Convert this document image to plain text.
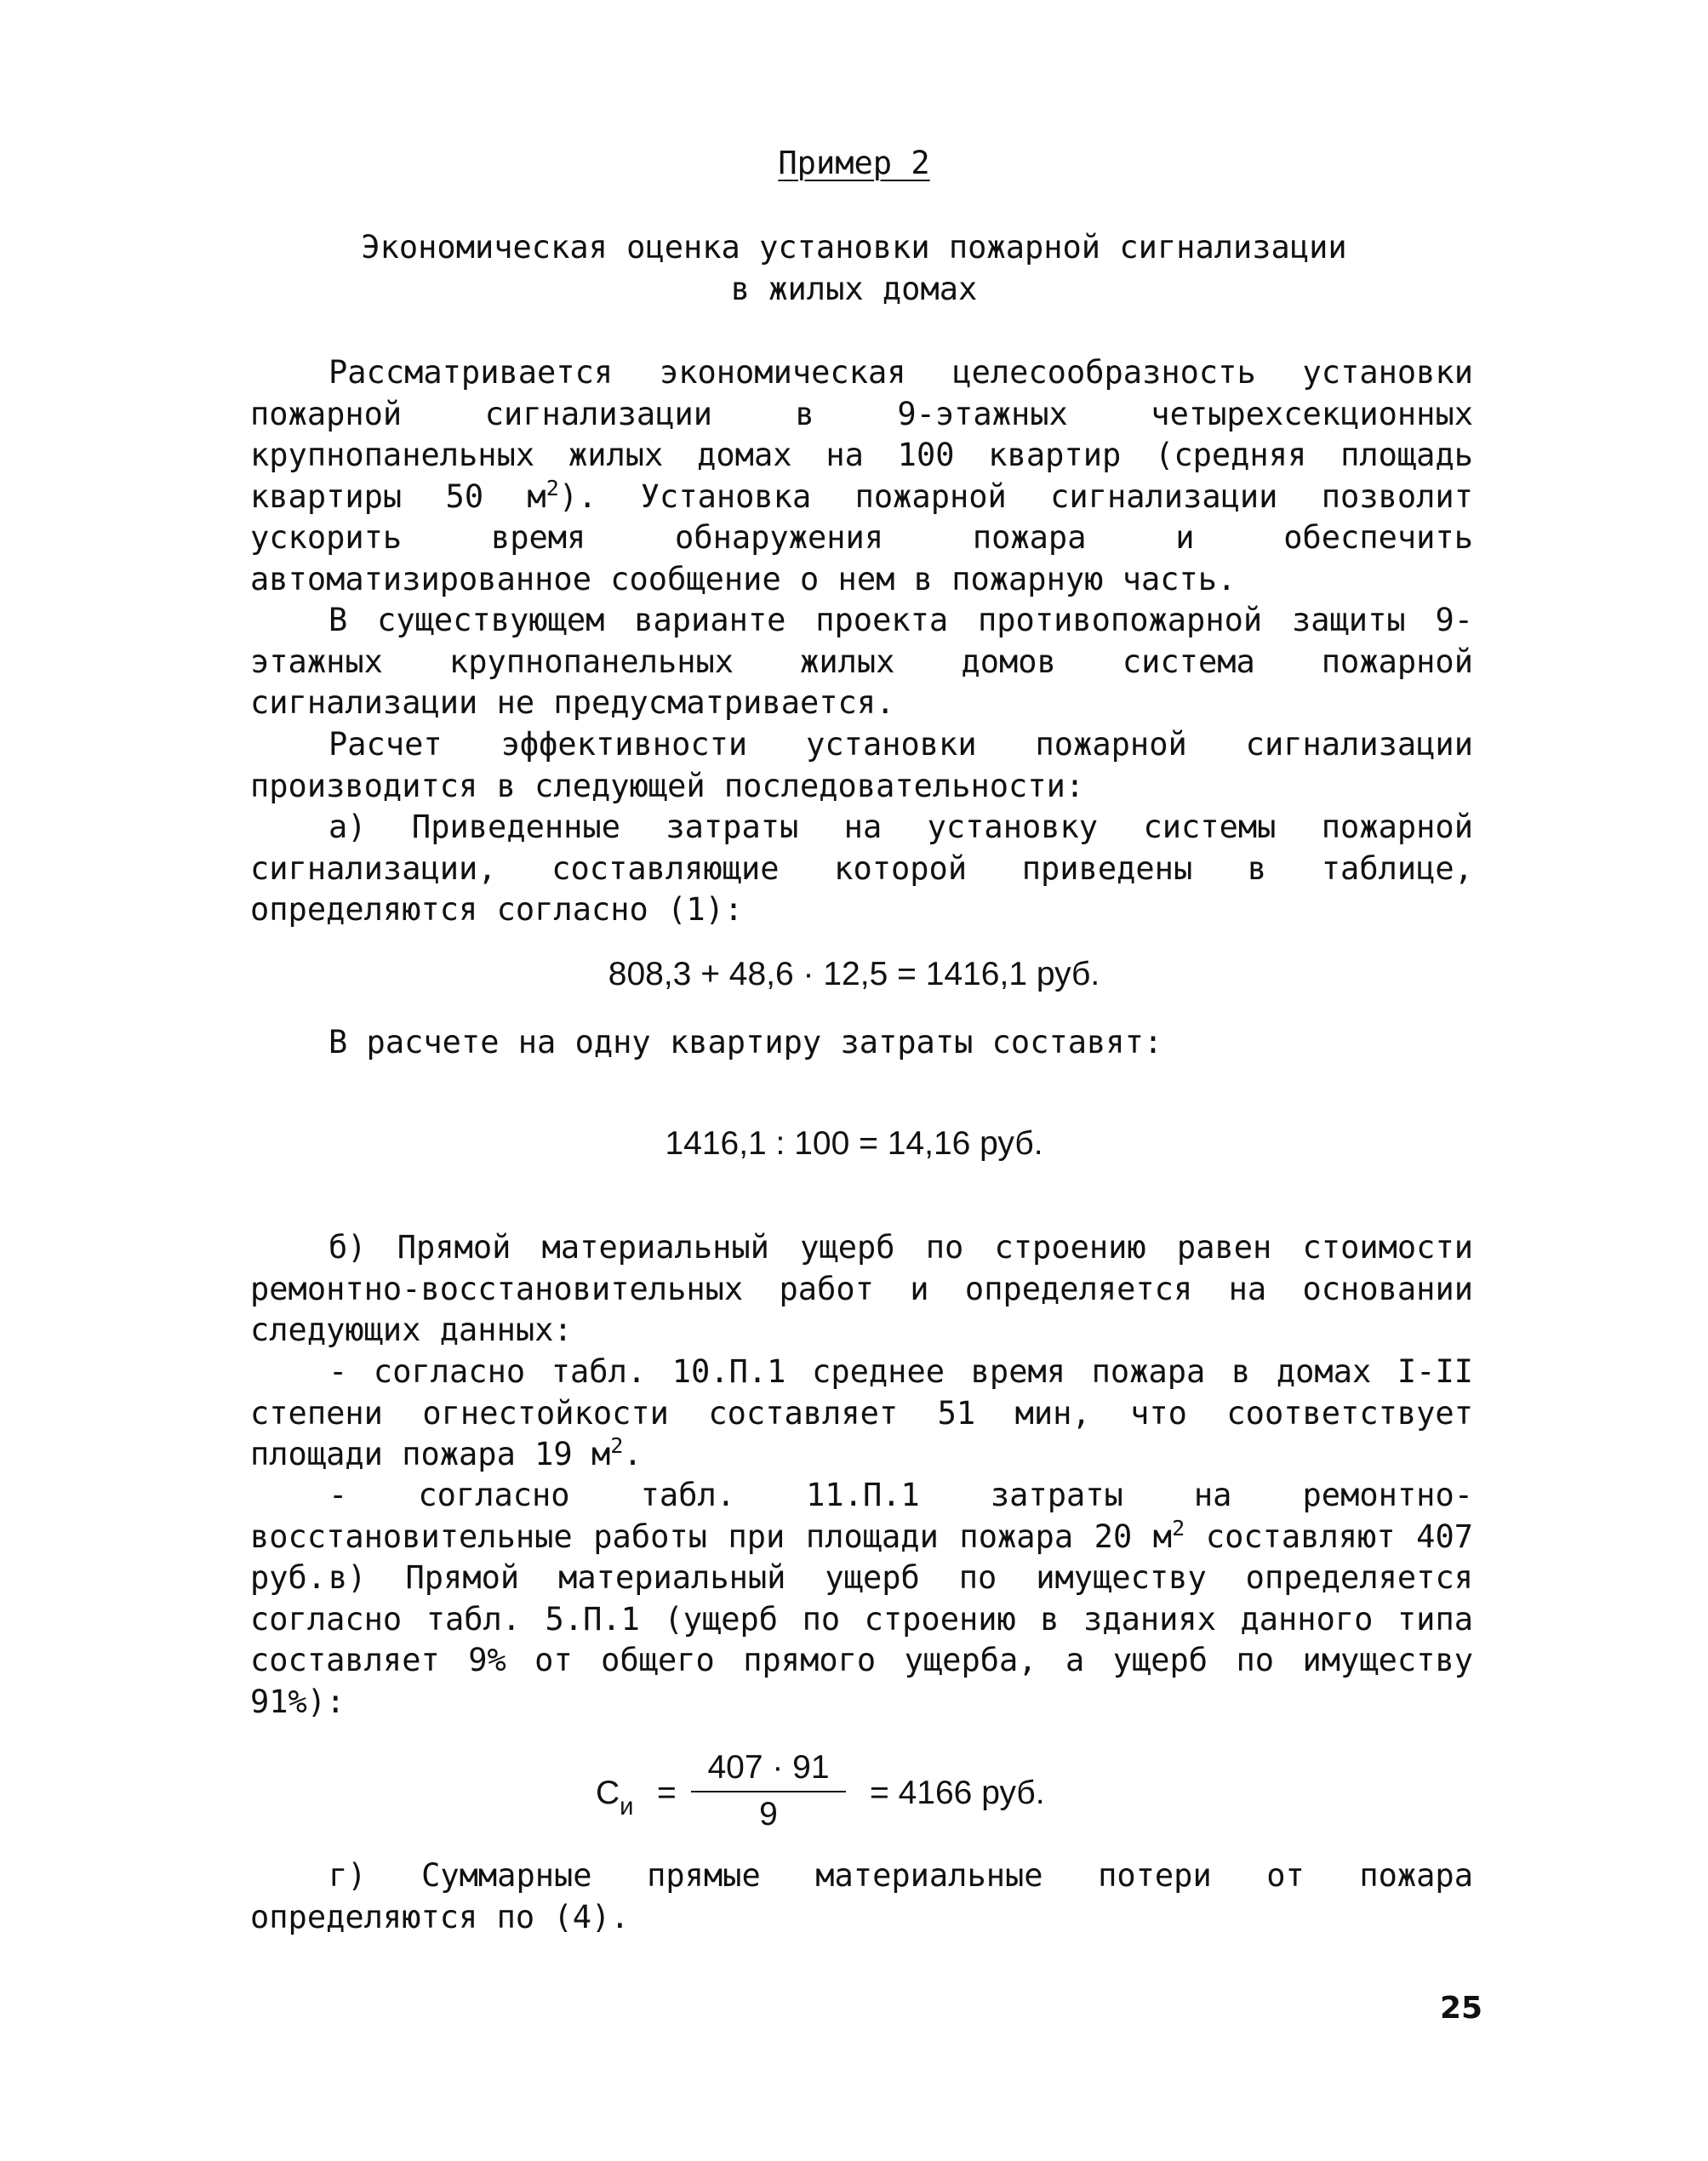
Пример 2
Экономическая оценка установки пожарной сигнализации
в жилых домах

Рассматривается экономическая целесообразность установки пожарной сигнализации в 9-этажных четырехсекционных крупнопанельных жилых домах на 100 квартир (средняя площадь квартиры 50 $м^2$). Установка пожарной сигнализации позволит ускорить время обнаружения пожара и обеспечить автоматизированное сообщение о нем в пожарную часть.

В существующем варианте проекта противопожарной защиты 9-этажных крупнопанельных жилых домов система пожарной сигнализации не предусматривается.

Расчет эффективности установки пожарной сигнализации производится в следующей последовательности:

а) Приведенные затраты на установку системы пожарной сигнализации, составляющие которой приведены в таблице, определяются согласно (1):

808,3 + 48,6 · 12,5 = 1416,1 руб.

В расчете на одну квартиру затраты составят:

1416,1 : 100 = 14,16 руб.

б) Прямой материальный ущерб по строению равен стоимости ремонтно-восстановительных работ и определяется на основании следующих данных:

- согласно табл. 10.П.1 среднее время пожара в домах I-II степени огнестойкости составляет 51 мин, что соответствует площади пожара 19 $м^2$.

- согласно табл. 11.П.1 затраты на ремонтно-восстановительные работы при площади пожара 20 $м^2$ составляют 407 руб. в) Прямой материальный ущерб по имуществу определяется согласно табл. 5.П.1 (ущерб по строению в зданиях данного типа составляет 9% от общего прямого ущерба, а ущерб по имуществу 91%):

$С_и = \frac{407 \cdot 91}{9} = 4166$ руб.

г) Суммарные прямые материальные потери от пожара определяются по (4).

25
